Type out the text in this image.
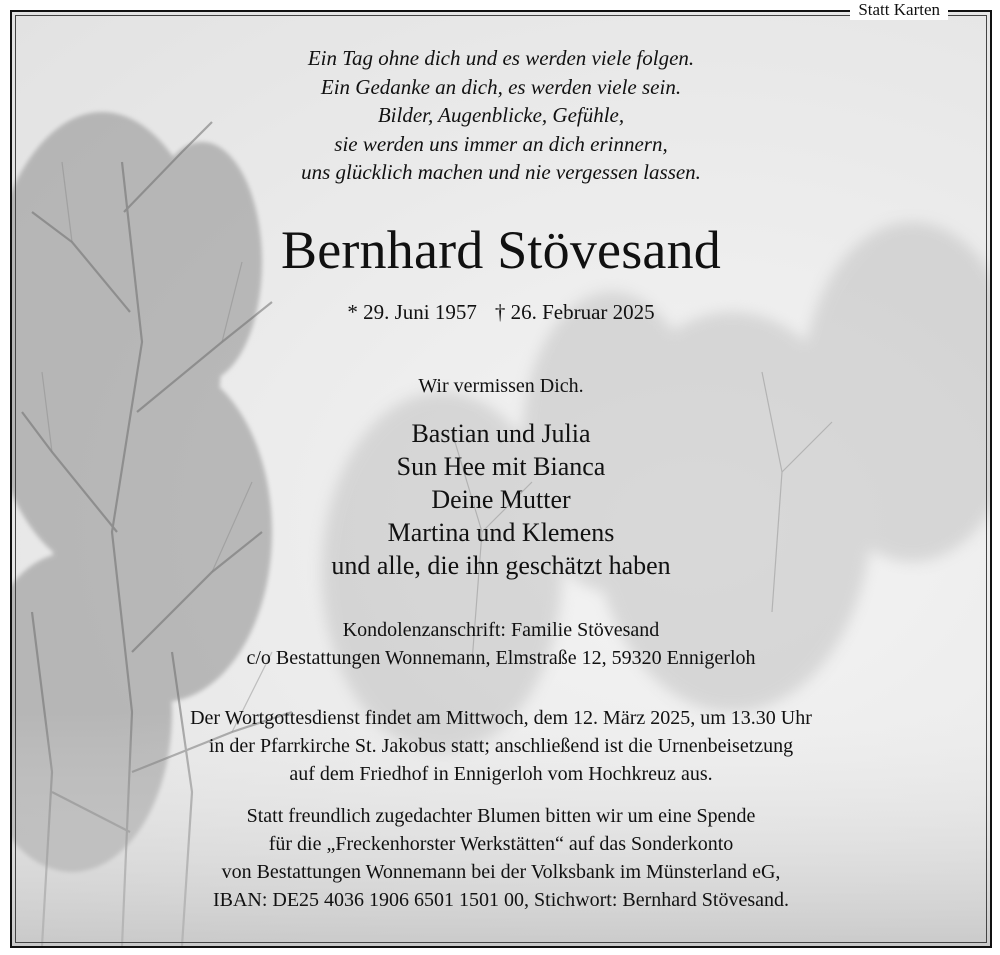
Ein Tag ohne dich und es werden viele folgen.
Ein Gedanke an dich, es werden viele sein.
Bilder, Augenblicke, Gefühle,
sie werden uns immer an dich erinnern,
uns glücklich machen und nie vergessen lassen.
Bernhard Stövesand
* 29. Juni 1957 † 26. Februar 2025
Wir vermissen Dich.
Bastian und Julia
Sun Hee mit Bianca
Deine Mutter
Martina und Klemens
und alle, die ihn geschätzt haben
Kondolenzanschrift: Familie Stövesand
c/o Bestattungen Wonnemann, Elmstraße 12, 59320 Ennigerloh
Der Wortgottesdienst findet am Mittwoch, dem 12. März 2025, um 13.30 Uhr
in der Pfarrkirche St. Jakobus statt; anschließend ist die Urnenbeisetzung
auf dem Friedhof in Ennigerloh vom Hochkreuz aus.
Statt freundlich zugedachter Blumen bitten wir um eine Spende
für die „Freckenhorster Werkstätten“ auf das Sonderkonto
von Bestattungen Wonnemann bei der Volksbank im Münsterland eG,
IBAN: DE25 4036 1906 6501 1501 00, Stichwort: Bernhard Stövesand.
Statt Karten
